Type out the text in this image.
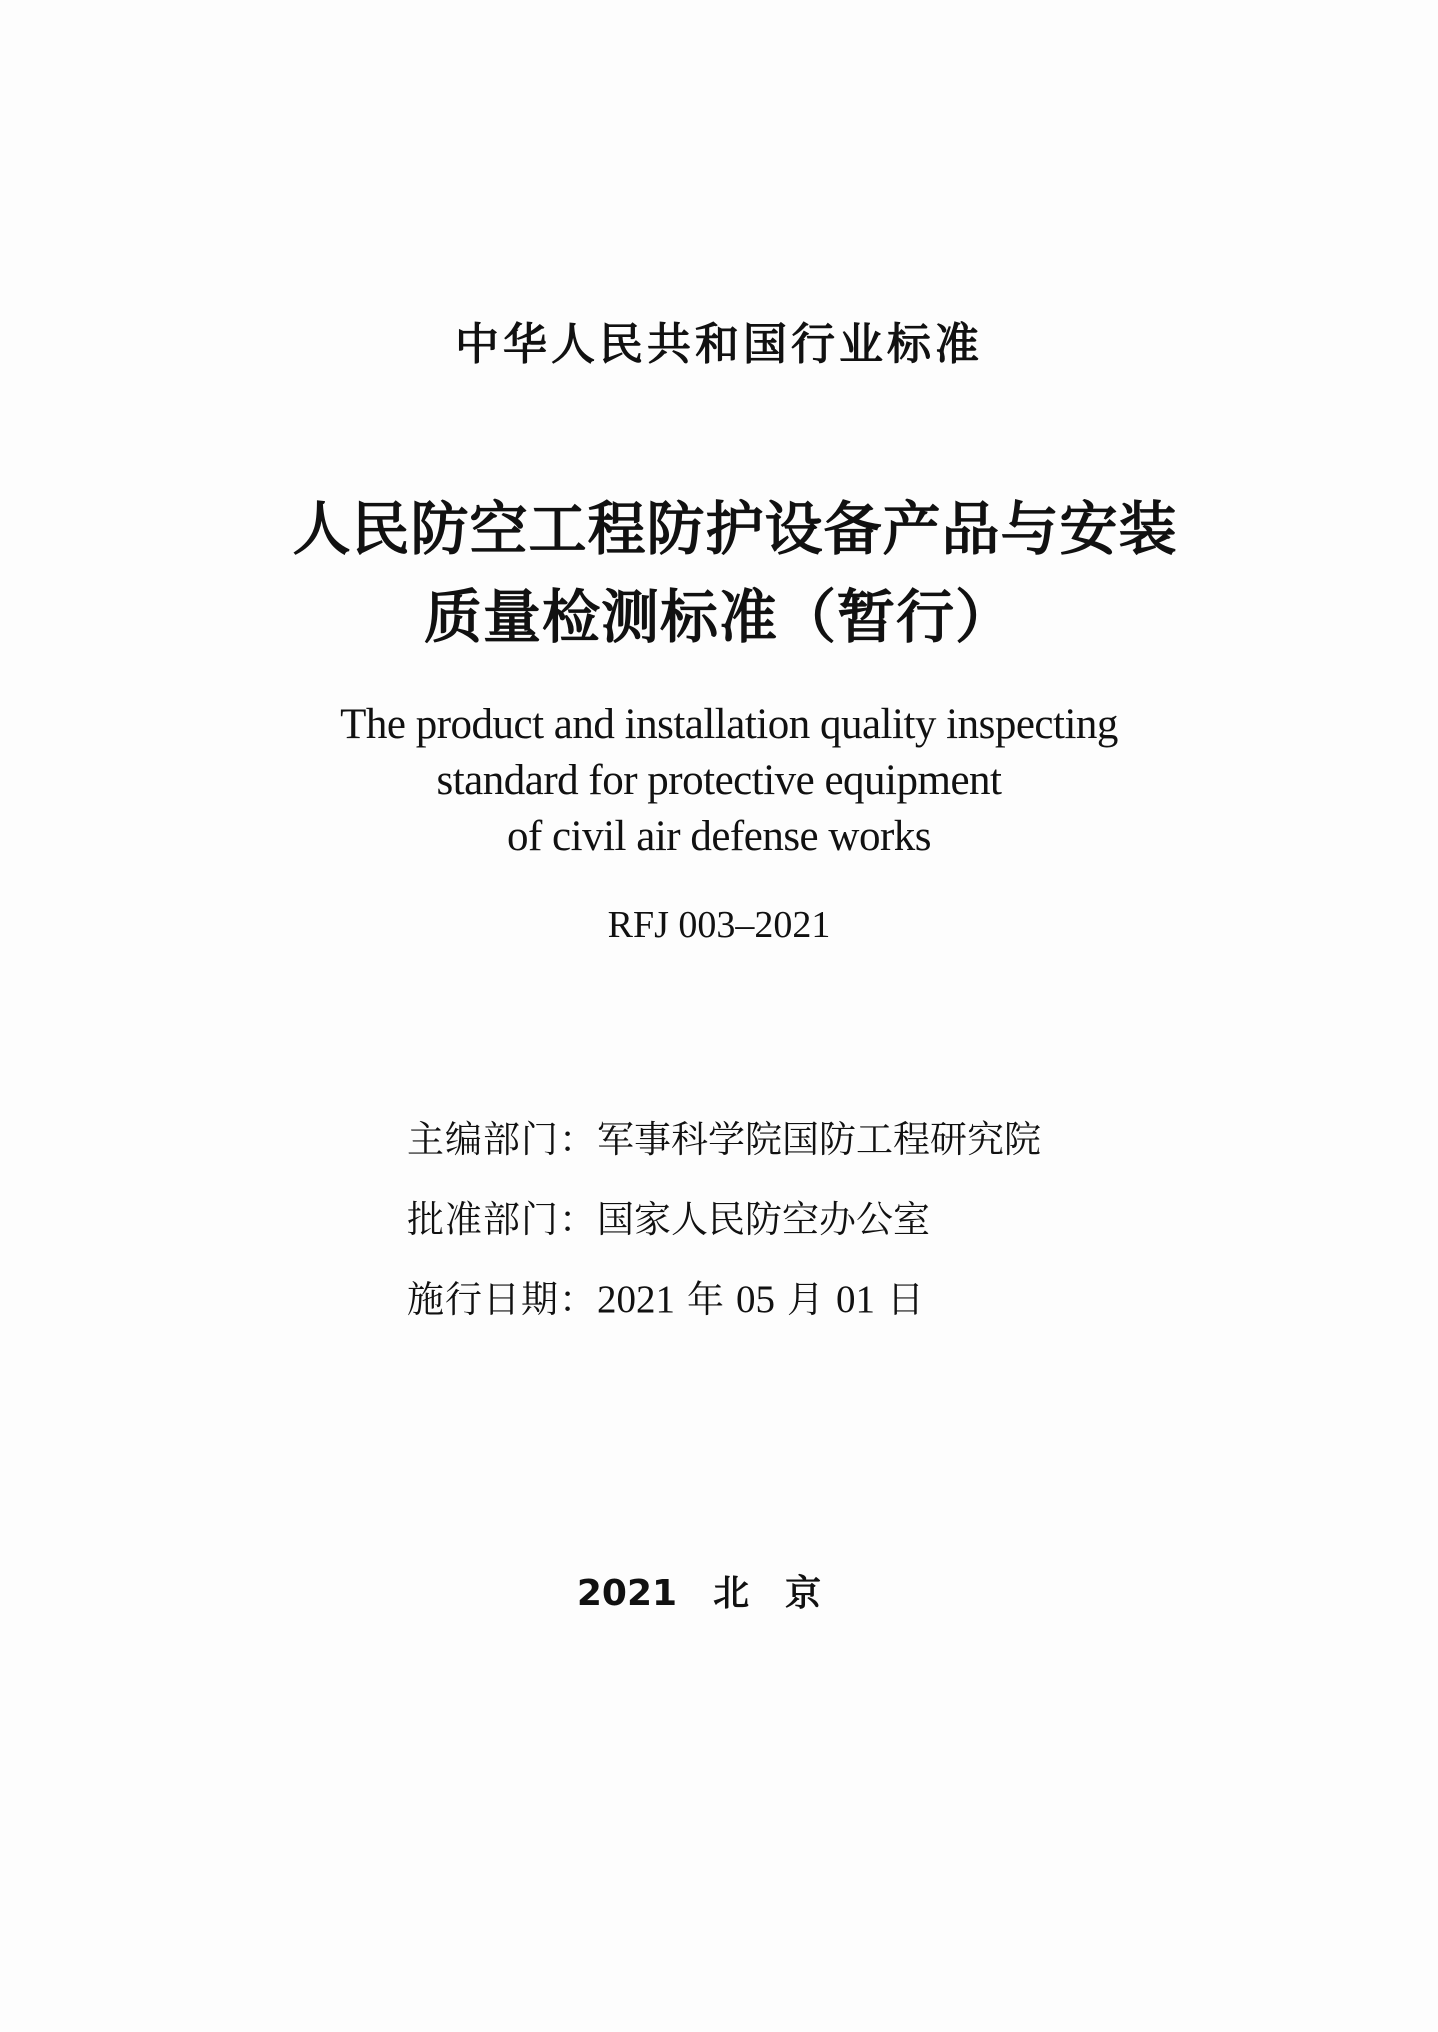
中华人民共和国行业标准
人民防空工程防护设备产品与安装
质量检测标准（暂行）
The product and installation quality inspecting
standard for protective equipment
of civil air defense works
RFJ 003–2021
主编部门：军事科学院国防工程研究院
批准部门：国家人民防空办公室
施行日期：2021 年 05 月 01 日
2021 北 京
